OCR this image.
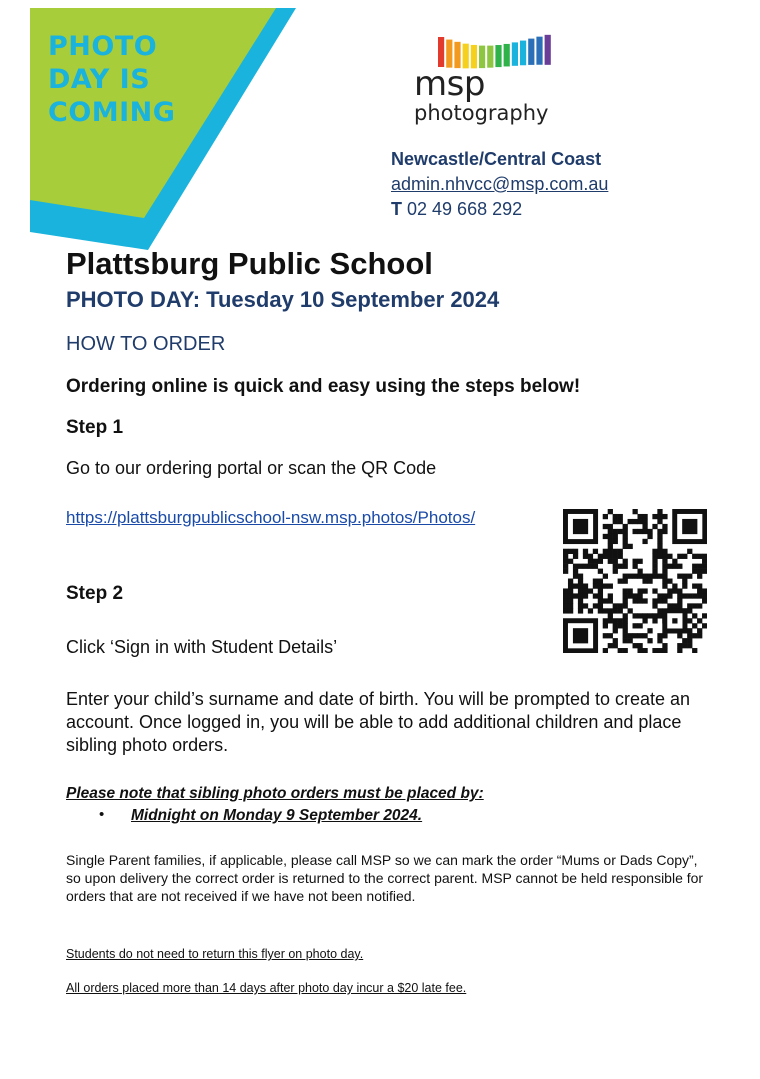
PHOTO
DAY IS
COMING
msp
photography
Newcastle/Central Coast
admin.nhvcc@msp.com.au
T 02 49 668 292
Plattsburg Public School
PHOTO DAY: Tuesday 10 September 2024
HOW TO ORDER
Ordering online is quick and easy using the steps below!
Step 1
Go to our ordering portal or scan the QR Code
https://plattsburgpublicschool-nsw.msp.photos/Photos/
Step 2
Click ‘Sign in with Student Details’
Enter your child’s surname and date of birth. You will be prompted to create an account. Once logged in, you will be able to add additional children and place sibling photo orders.
Please note that sibling photo orders must be placed by:
• Midnight on Monday 9 September 2024.
Single Parent families, if applicable, please call MSP so we can mark the order “Mums or Dads Copy”, so upon delivery the correct order is returned to the correct parent. MSP cannot be held responsible for orders that are not received if we have not been notified.
Students do not need to return this flyer on photo day.
All orders placed more than 14 days after photo day incur a $20 late fee.
